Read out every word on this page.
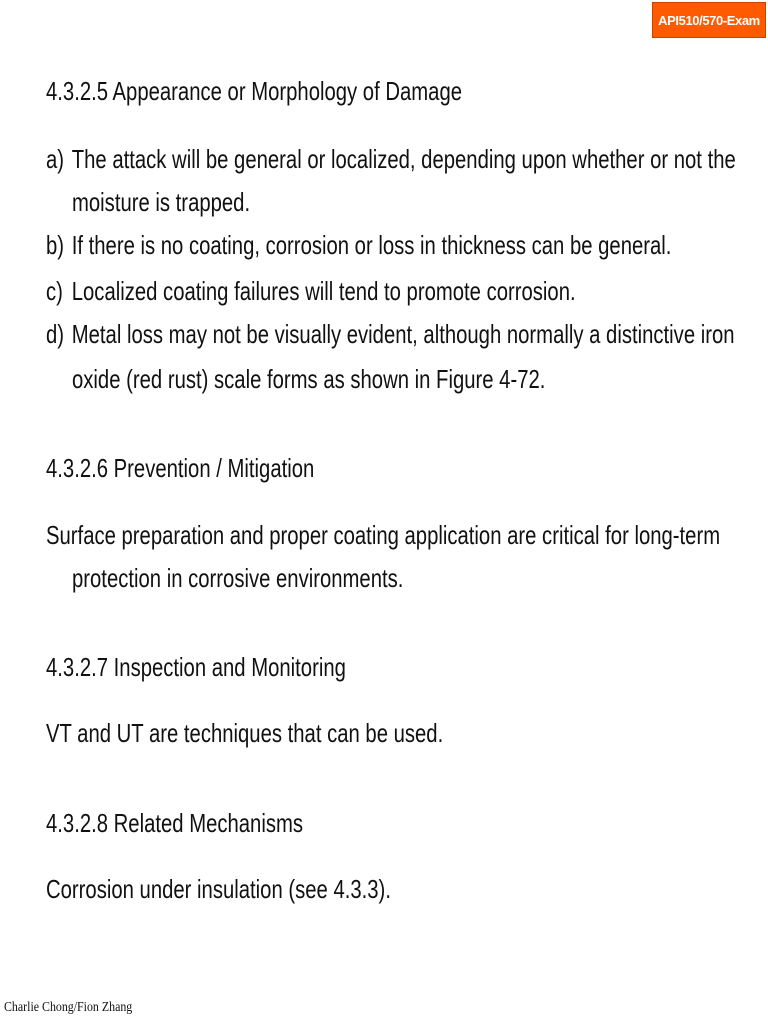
API510/570-Exam
4.3.2.5 Appearance or Morphology of Damage
a) The attack will be general or localized, depending upon whether or not the
moisture is trapped.
b) If there is no coating, corrosion or loss in thickness can be general.
c) Localized coating failures will tend to promote corrosion.
d) Metal loss may not be visually evident, although normally a distinctive iron
oxide (red rust) scale forms as shown in Figure 4-72.
4.3.2.6 Prevention / Mitigation
Surface preparation and proper coating application are critical for long-term
protection in corrosive environments.
4.3.2.7 Inspection and Monitoring
VT and UT are techniques that can be used.
4.3.2.8 Related Mechanisms
Corrosion under insulation (see 4.3.3).
Charlie Chong/Fion Zhang
